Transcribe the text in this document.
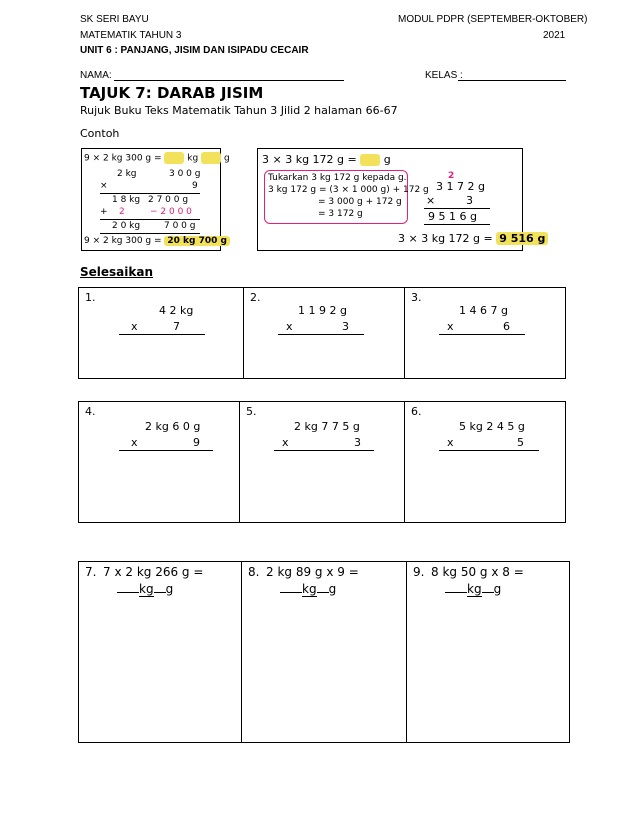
SK SERI BAYU
MATEMATIK TAHUN 3
UNIT 6 : PANJANG, JISIM DAN ISIPADU CECAIR
MODUL PDPR (SEPTEMBER-OKTOBER)
2021
NAMA:	KELAS :
TAJUK 7: DARAB JISIM
Rujuk Buku Teks Matematik Tahun 3 Jilid 2 halaman 66-67
Contoh
9 × 2 kg 300 g =	kg	g
2 kg	3 0 0 g
×	9
1 8 kg 2 7 0 0 g
+ 2	− 2 0 0 0
2 0 kg	7 0 0 g
9 × 2 kg 300 g = 20 kg 700 g
3 × 3 kg 172 g = g
Tukarkan 3 kg 172 g kepada g.
3 kg 172 g = (3 × 1 000 g) + 172 g
= 3 000 g + 172 g
= 3 172 g
2
3 1 7 2 g
×	3
9 5 1 6 g
3 × 3 kg 172 g = 9 516 g
Selesaikan
1.
4 2 kg
x	7

2.
1 1 9 2 g
x	3

3.
1 4 6 7 g
x	6
4.
2 kg 6 0 g
x	9

5.
2 kg 7 7 5 g
x	3

6.
5 kg 2 4 5 g
x	5
7. 7 x 2 kg 266 g =
kg g

8. 2 kg 89 g x 9 =
kg g

9. 8 kg 50 g x 8 =
kg g
